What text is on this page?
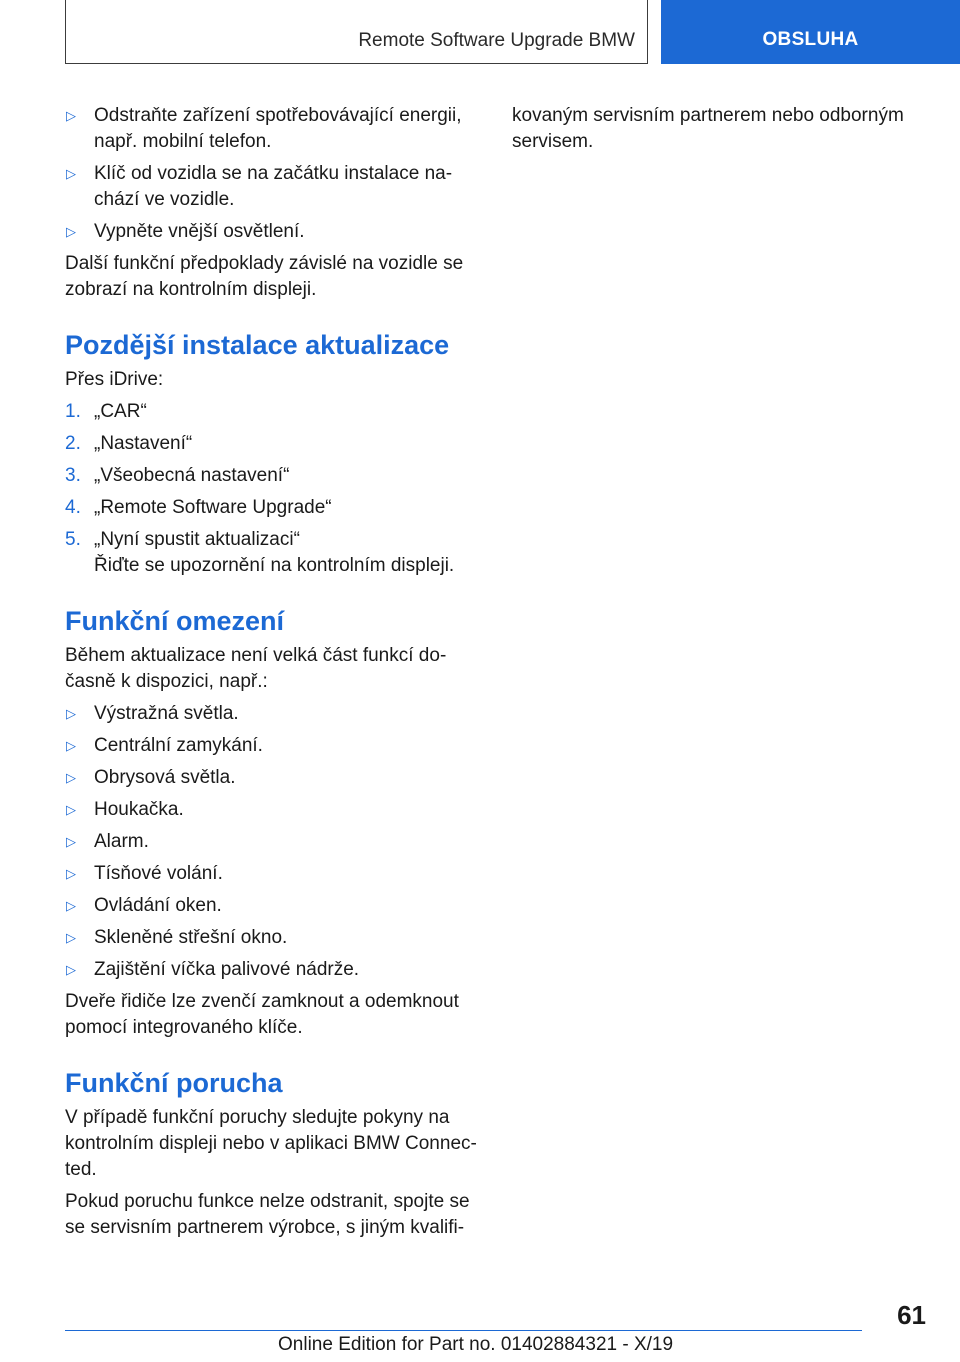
Remote Software Upgrade BMW	OBSLUHA
▷ Odstraňte zařízení spotřebovávající energii, např. mobilní telefon.
▷ Klíč od vozidla se na začátku instalace nachází ve vozidle.
▷ Vypněte vnější osvětlení.

Další funkční předpoklady závislé na vozidle se zobrazí na kontrolním displeji.

Pozdější instalace aktualizace

Přes iDrive:

1. „CAR“
2. „Nastavení“
3. „Všeobecná nastavení“
4. „Remote Software Upgrade“
5. „Nyní spustit aktualizaci“
Řiďte se upozornění na kontrolním displeji.
Funkční omezení

Během aktualizace není velká část funkcí dočasně k dispozici, např.:

▷ Výstražná světla.
▷ Centrální zamykání.
▷ Obrysová světla.
▷ Houkačka.
▷ Alarm.
▷ Tísňové volání.
▷ Ovládání oken.
▷ Skleněné střešní okno.
▷ Zajištění víčka palivové nádrže.

Dveře řidiče lze zvenčí zamknout a odemknout pomocí integrovaného klíče.

Funkční porucha

V případě funkční poruchy sledujte pokyny na kontrolním displeji nebo v aplikaci BMW Connected.

Pokud poruchu funkce nelze odstranit, spojte se se servisním partnerem výrobce, s jiným kvalifi-

kovaným servisním partnerem nebo odborným servisem.

61
Online Edition for Part no. 01402884321 - X/19
